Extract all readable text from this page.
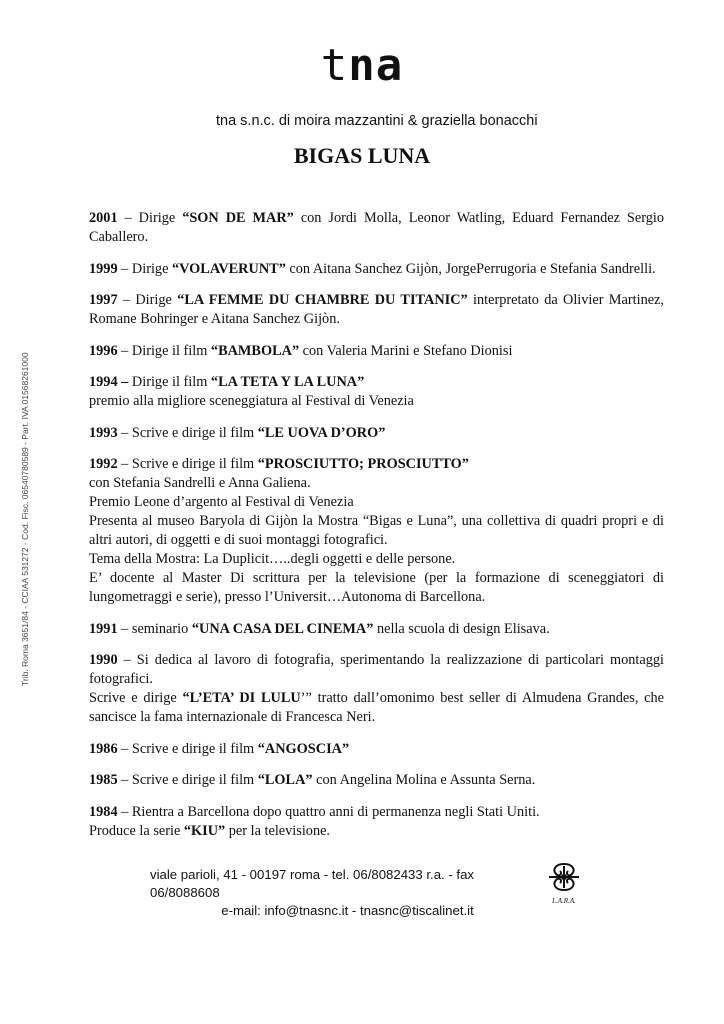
tna
tna s.n.c. di moira mazzantini & graziella bonacchi
BIGAS LUNA
Trib. Roma 3651/84 - CCIAA 531272 - Cod. Fisc. 06540780589 - Part. IVA 01568261000

2001 – Dirige “SON DE MAR” con Jordi Molla, Leonor Watling, Eduard Fernandez Sergio Caballero.

1999 – Dirige “VOLAVERUNT” con Aitana Sanchez Gijòn, JorgePerrugoria e Stefania Sandrelli.

1997 – Dirige “LA FEMME DU CHAMBRE DU TITANIC” interpretato da Olivier Martinez, Romane Bohringer e Aitana Sanchez Gijòn.

1996 – Dirige il film “BAMBOLA” con Valeria Marini e Stefano Dionisi

1994 – Dirige il film “LA TETA Y LA LUNA”

premio alla migliore sceneggiatura al Festival di Venezia

1993 – Scrive e dirige il film “LE UOVA D’ORO”

1992 – Scrive e dirige il film “PROSCIUTTO; PROSCIUTTO”

con Stefania Sandrelli e Anna Galiena.

Premio Leone d’argento al Festival di Venezia

Presenta al museo Baryola di Gijòn la Mostra “Bigas e Luna”, una collettiva di quadri propri e di altri autori, di oggetti e di suoi montaggi fotografici.

Tema della Mostra: La Duplicit…..degli oggetti e delle persone.

E’ docente al Master Di scrittura per la televisione (per la formazione di sceneggiatori di lungometraggi e serie), presso l’Universit…Autonoma di Barcellona.

1991 – seminario “UNA CASA DEL CINEMA” nella scuola di design Elisava.

1990 – Si dedica al lavoro di fotografia, sperimentando la realizzazione di particolari montaggi fotografici.

Scrive e dirige “L’ETA’ DI LULU’” tratto dall’omonimo best seller di Almudena Grandes, che sancisce la fama internazionale di Francesca Neri.

1986 – Scrive e dirige il film “ANGOSCIA”

1985 – Scrive e dirige il film “LOLA” con Angelina Molina e Assunta Serna.

1984 – Rientra a Barcellona dopo quattro anni di permanenza negli Stati Uniti.

Produce la serie “KIU” per la televisione.

viale parioli, 41 - 00197 roma - tel. 06/8082433 r.a. - fax 06/8088608
e-mail: info@tnasnc.it - tnasnc@tiscalinet.it
L.A.R.A.
